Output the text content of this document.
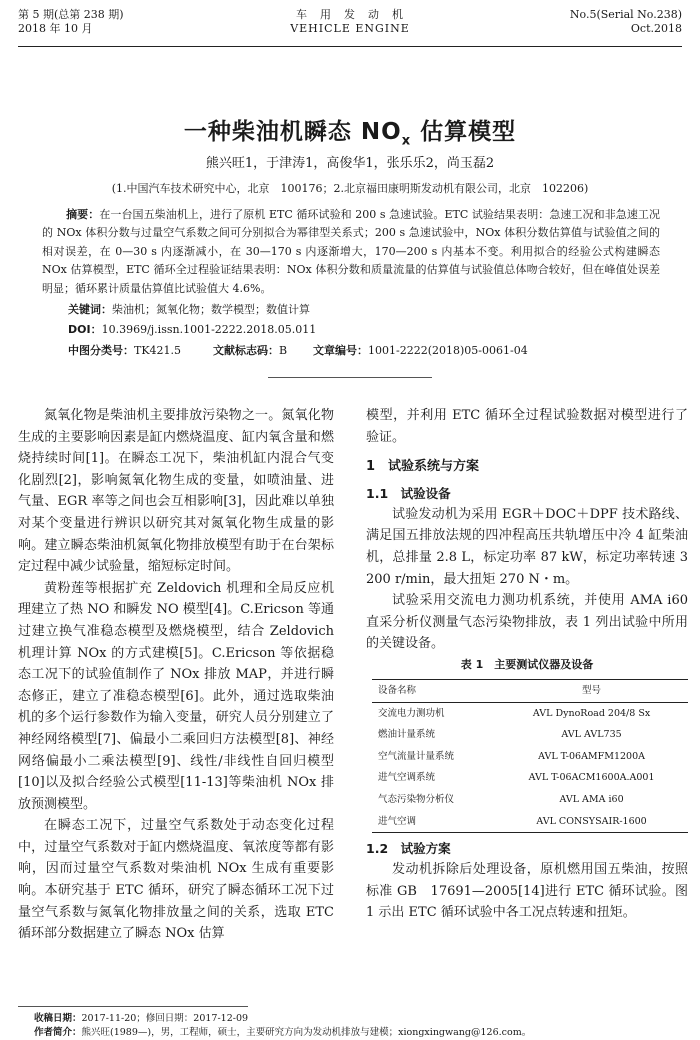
第 5 期(总第 238 期)
2018 年 10 月
车　用　发　动　机
VEHICLE ENGINE
No.5(Serial No.238)
Oct.2018
一种柴油机瞬态 $NO_x$ 估算模型
熊兴旺1，于津涛1，高俊华1，张乐乐2，尚玉磊2
(1.中国汽车技术研究中心，北京　100176；2.北京福田康明斯发动机有限公司，北京　102206)
摘要：在一台国五柴油机上，进行了原机 ETC 循环试验和 200 s 急速试验。ETC 试验结果表明：急速工况和非急速工况的 NOx 体积分数与过量空气系数之间可分别拟合为幂律型关系式；200 s 急速试验中，NOx 体积分数估算值与试验值之间的相对误差，在 0—30 s 内逐渐减小，在 30—170 s 内逐渐增大，170—200 s 内基本不变。利用拟合的经验公式构建瞬态 NOx 估算模型，ETC 循环全过程验证结果表明：NOx 体积分数和质量流量的估算值与试验值总体吻合较好，但在峰值处误差明显；循环累计质量估算值比试验值大 4.6%。
关键词：柴油机；氮氧化物；数学模型；数值计算
DOI：10.3969/j.issn.1001-2222.2018.05.011
中图分类号：TK421.5	文献标志码：B 文章编号：1001-2222(2018)05-0061-04

氮氧化物是柴油机主要排放污染物之一。氮氧化物生成的主要影响因素是缸内燃烧温度、缸内氧含量和燃烧持续时间[1]。在瞬态工况下，柴油机缸内混合气变化剧烈[2]，影响氮氧化物生成的变量，如喷油量、进气量、EGR 率等之间也会互相影响[3]，因此难以单独对某个变量进行辨识以研究其对氮氧化物生成量的影响。建立瞬态柴油机氮氧化物排放模型有助于在台架标定过程中减少试验量，缩短标定时间。

黄粉莲等根据扩充 Zeldovich 机理和全局反应机理建立了热 NO 和瞬发 NO 模型[4]。C.Ericson 等通过建立换气准稳态模型及燃烧模型，结合 Zeldovich 机理计算 NOx 的方式建模[5]。C.Ericson 等依据稳态工况下的试验值制作了 NOx 排放 MAP，并进行瞬态修正，建立了准稳态模型[6]。此外，通过选取柴油机的多个运行参数作为输入变量，研究人员分别建立了神经网络模型[7]、偏最小二乘回归方法模型[8]、神经网络偏最小二乘法模型[9]、线性/非线性自回归模型[10]以及拟合经验公式模型[11-13]等柴油机 NOx 排放预测模型。

在瞬态工况下，过量空气系数处于动态变化过程中，过量空气系数对于缸内燃烧温度、氧浓度等都有影响，因而过量空气系数对柴油机 NOx 生成有重要影响。本研究基于 ETC 循环，研究了瞬态循环工况下过量空气系数与氮氧化物排放量之间的关系，选取 ETC 循环部分数据建立了瞬态 NOx 估算

模型，并利用 ETC 循环全过程试验数据对模型进行了验证。

1　试验系统与方案
1.1　试验设备

试验发动机为采用 EGR＋DOC＋DPF 技术路线、满足国五排放法规的四冲程高压共轨增压中冷 4 缸柴油机，总排量 2.8 L，标定功率 87 kW，标定功率转速 3 200 r/min，最大扭矩 270 N・m。

试验采用交流电力测功机系统，并使用 AMA i60 直采分析仪测量气态污染物排放，表 1 列出试验中所用的关键设备。

表 1　主要测试仪器及设备
设备名称	型号
交流电力测功机	AVL DynoRoad 204/8 Sx
燃油计量系统	AVL AVL735
空气流量计量系统	AVL T-06AMFM1200A
进气空调系统	AVL T-06ACM1600A.A001
气态污染物分析仪	AVL AMA i60
进气空调	AVL CONSYSAIR-1600
1.2　试验方案

发动机拆除后处理设备，原机燃用国五柴油，按照标准 GB　17691—2005[14]进行 ETC 循环试验。图 1 示出 ETC 循环试验中各工况点转速和扭矩。

收稿日期：2017-11-20；修回日期：2017-12-09
作者简介：熊兴旺(1989—)，男，工程师，硕士，主要研究方向为发动机排放与建模；xiongxingwang@126.com。
